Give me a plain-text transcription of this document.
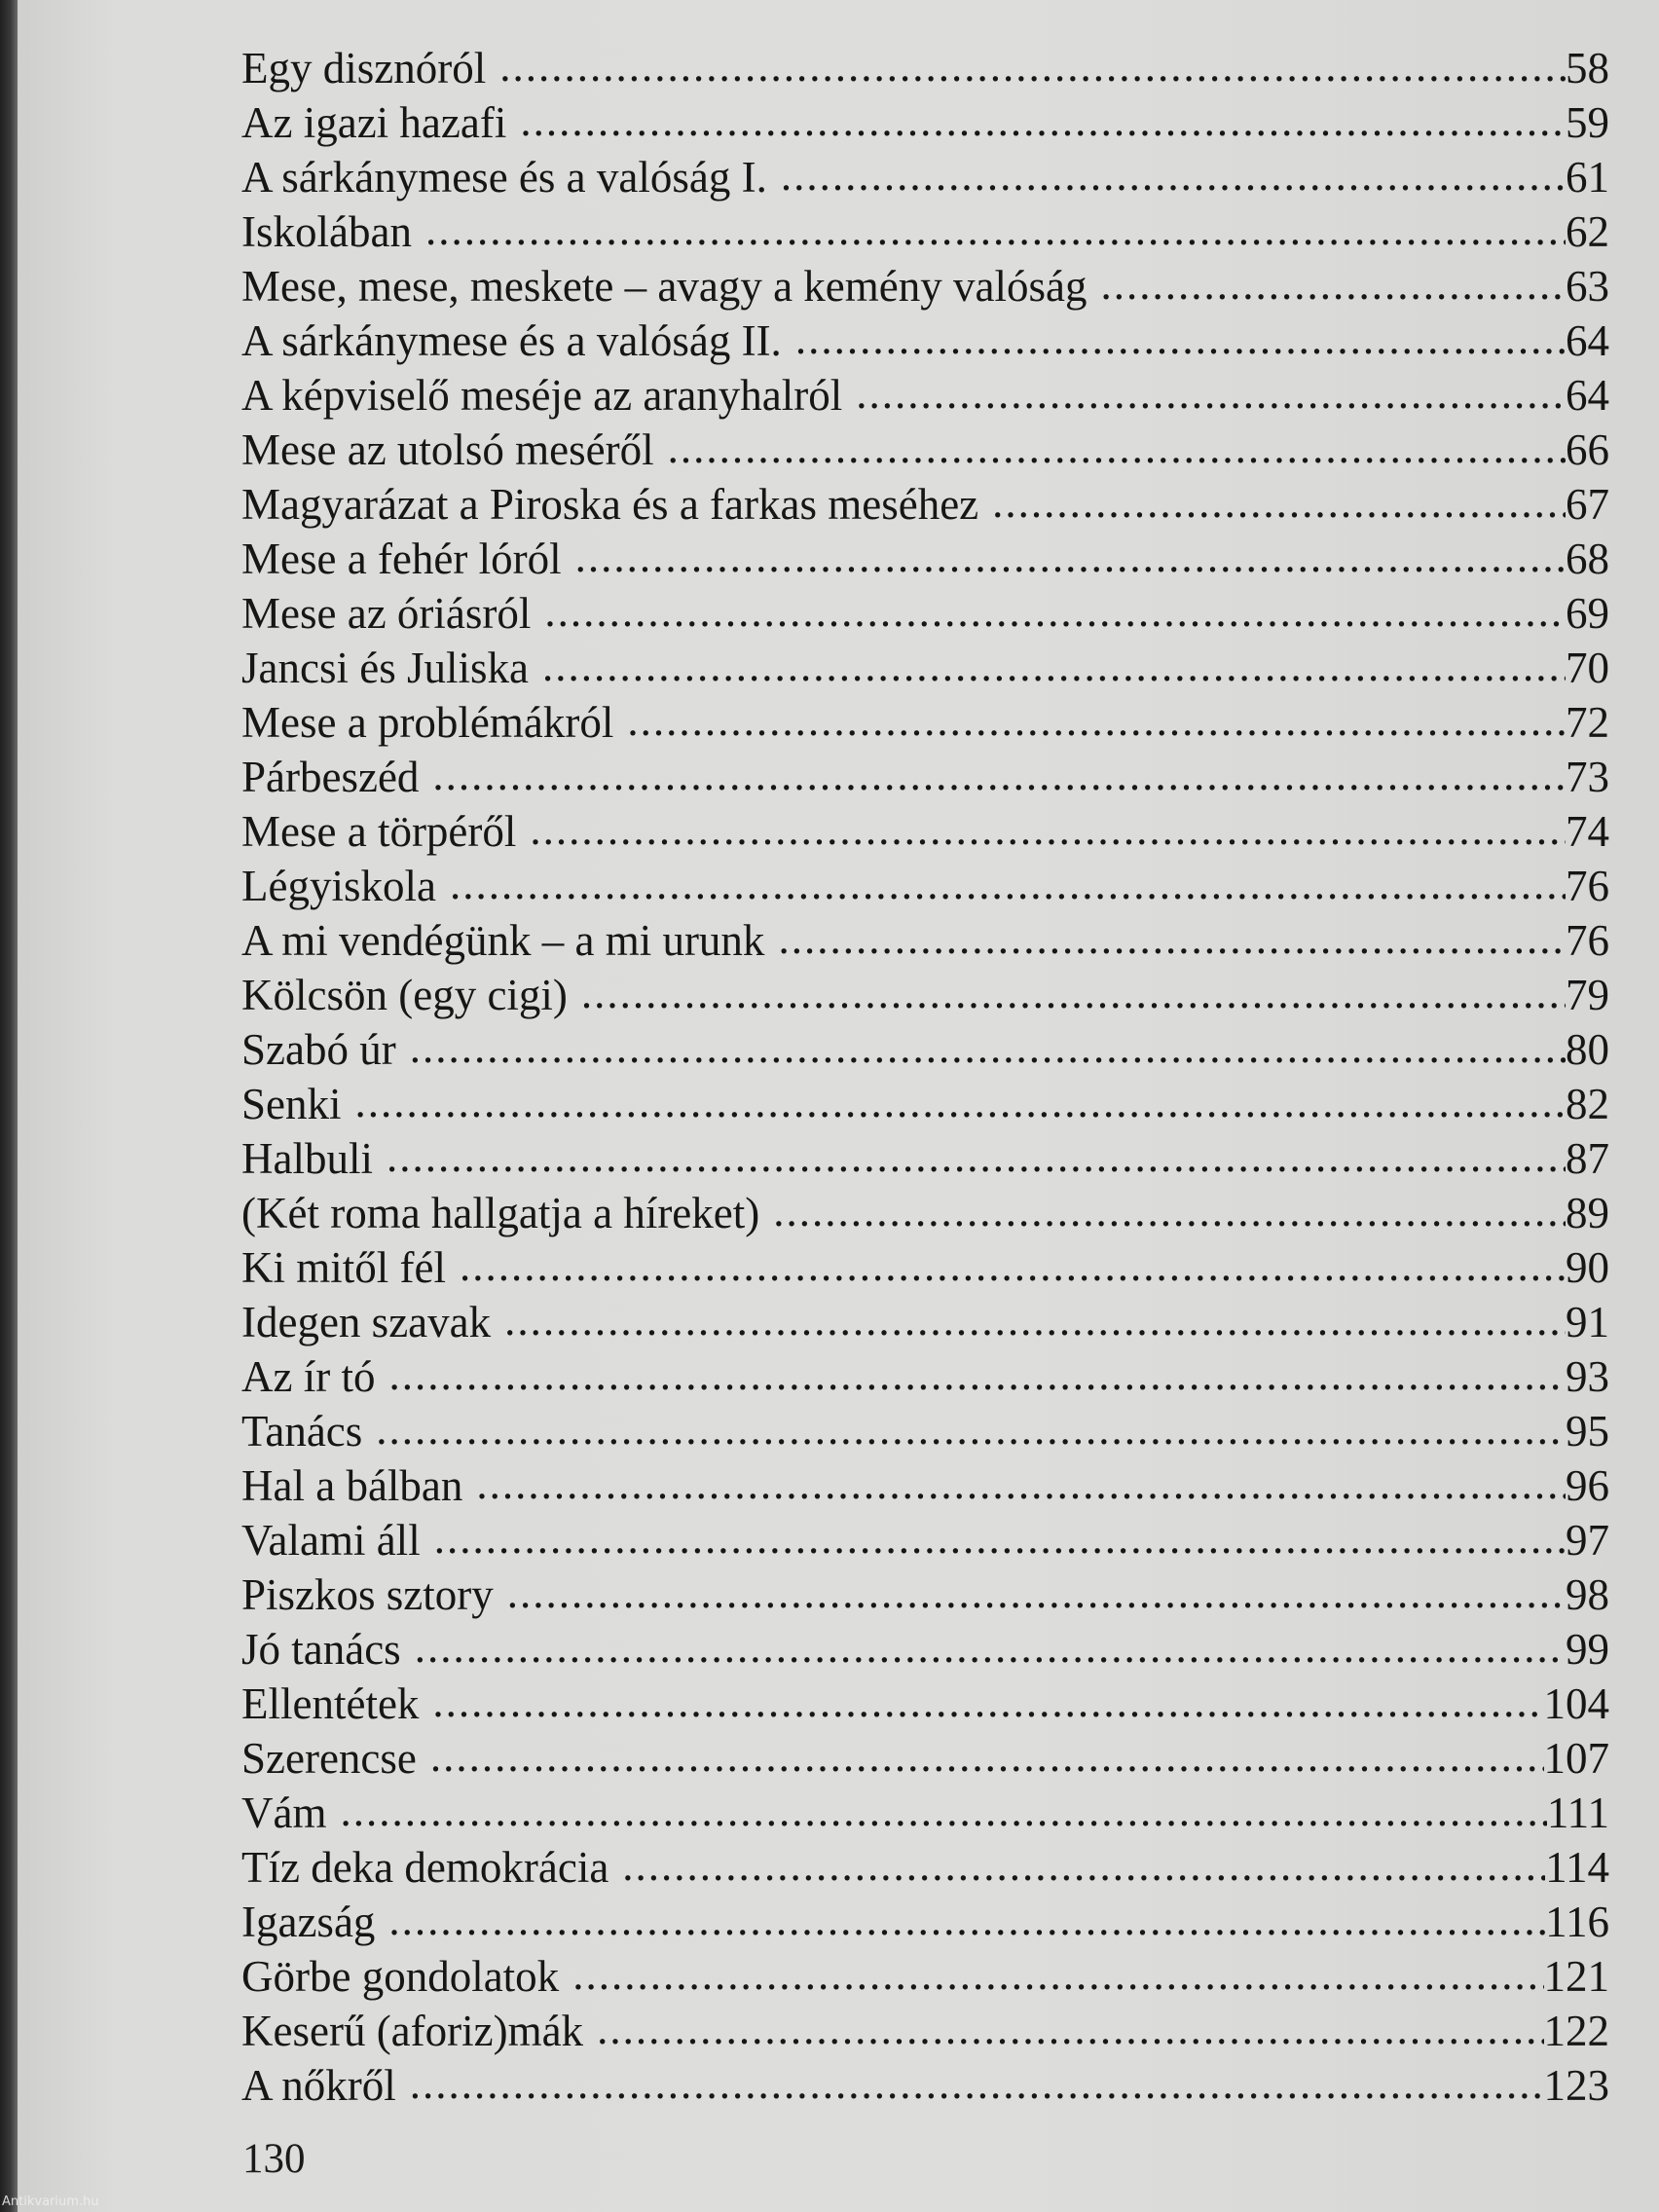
Egy disznóról .....	58
Az igazi hazafi .....	59
A sárkánymese és a valóság I. .....	61
Iskolában .....	62
Mese, mese, meskete – avagy a kemény valóság .....	63
A sárkánymese és a valóság II. .....	64
A képviselő meséje az aranyhalról .....	64
Mese az utolsó meséről .....	66
Magyarázat a Piroska és a farkas meséhez .....	67
Mese a fehér lóról .....	68
Mese az óriásról .....	69
Jancsi és Juliska .....	70
Mese a problémákról .....	72
Párbeszéd .....	73
Mese a törpéről .....	74
Légyiskola .....	76
A mi vendégünk – a mi urunk .....	76
Kölcsön (egy cigi) .....	79
Szabó úr .....	80
Senki .....	82
Halbuli .....	87
(Két roma hallgatja a híreket) .....	89
Ki mitől fél .....	90
Idegen szavak .....	91
Az ír tó .....	93
Tanács .....	95
Hal a bálban .....	96
Valami áll .....	97
Piszkos sztory .....	98
Jó tanács .....	99
Ellentétek .....	104
Szerencse .....	107
Vám .....	111
Tíz deka demokrácia .....	114
Igazság .....	116
Görbe gondolatok .....	121
Keserű (aforiz)mák .....	122
A nőkről .....	123
130
Antikvarium.hu
